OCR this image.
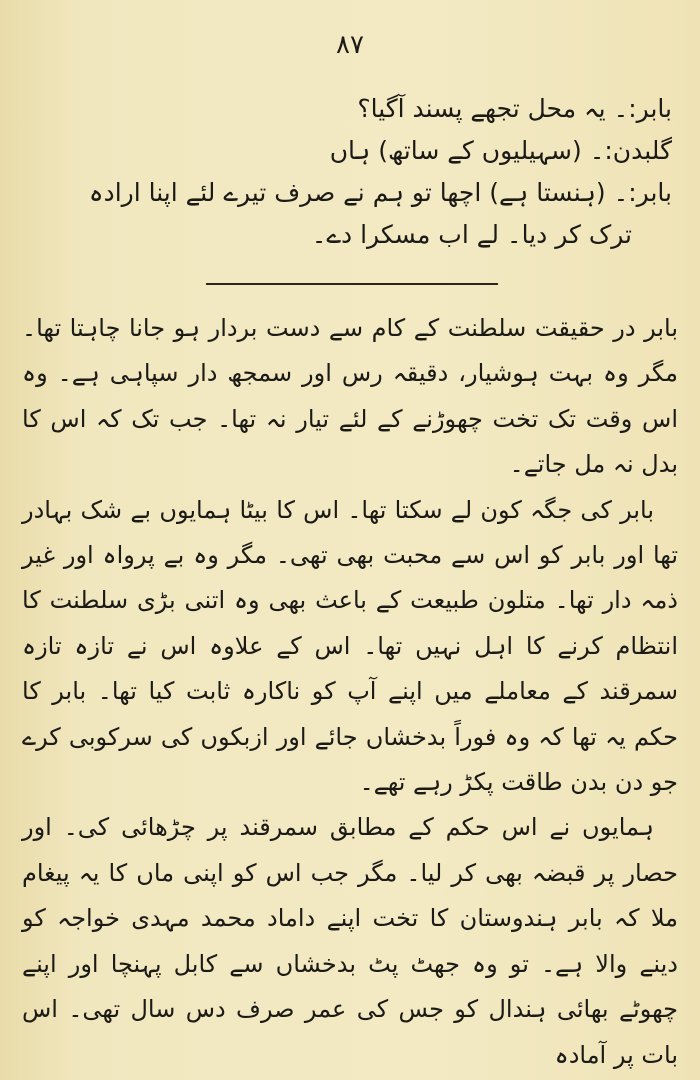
۸۷
بابر:۔ یہ محل تجھے پسند آگیا؟
گلبدن:۔ (سہیلیوں کے ساتھ) ہاں
بابر:۔ (ہنستا ہے) اچھا تو ہم نے صرف تیرے لئے اپنا ارادہ
ترک کر دیا۔ لے اب مسکرا دے۔

بابر در حقیقت سلطنت کے کام سے دست بردار ہو جانا چاہتا تھا۔ مگر وہ بہت ہوشیار، دقیقہ رس اور سمجھ دار سپاہی ہے۔ وہ اس وقت تک تخت چھوڑنے کے لئے تیار نہ تھا۔ جب تک کہ اس کا بدل نہ مل جاتے۔

بابر کی جگہ کون لے سکتا تھا۔ اس کا بیٹا ہمایوں بے شک بہادر تھا اور بابر کو اس سے محبت بھی تھی۔ مگر وہ بے پرواہ اور غیر ذمہ دار تھا۔ متلون طبیعت کے باعث بھی وہ اتنی بڑی سلطنت کا انتظام کرنے کا اہل نہیں تھا۔ اس کے علاوہ اس نے تازہ تازہ سمرقند کے معاملے میں اپنے آپ کو ناکارہ ثابت کیا تھا۔ بابر کا حکم یہ تھا کہ وہ فوراً بدخشاں جائے اور ازبکوں کی سرکوبی کرے جو دن بدن طاقت پکڑ رہے تھے۔

ہمایوں نے اس حکم کے مطابق سمرقند پر چڑھائی کی۔ اور حصار پر قبضہ بھی کر لیا۔ مگر جب اس کو اپنی ماں کا یہ پیغام ملا کہ بابر ہندوستان کا تخت اپنے داماد محمد مہدی خواجہ کو دینے والا ہے۔ تو وہ جھٹ پٹ بدخشاں سے کابل پہنچا اور اپنے چھوٹے بھائی ہندال کو جس کی عمر صرف دس سال تھی۔ اس بات پر آمادہ
